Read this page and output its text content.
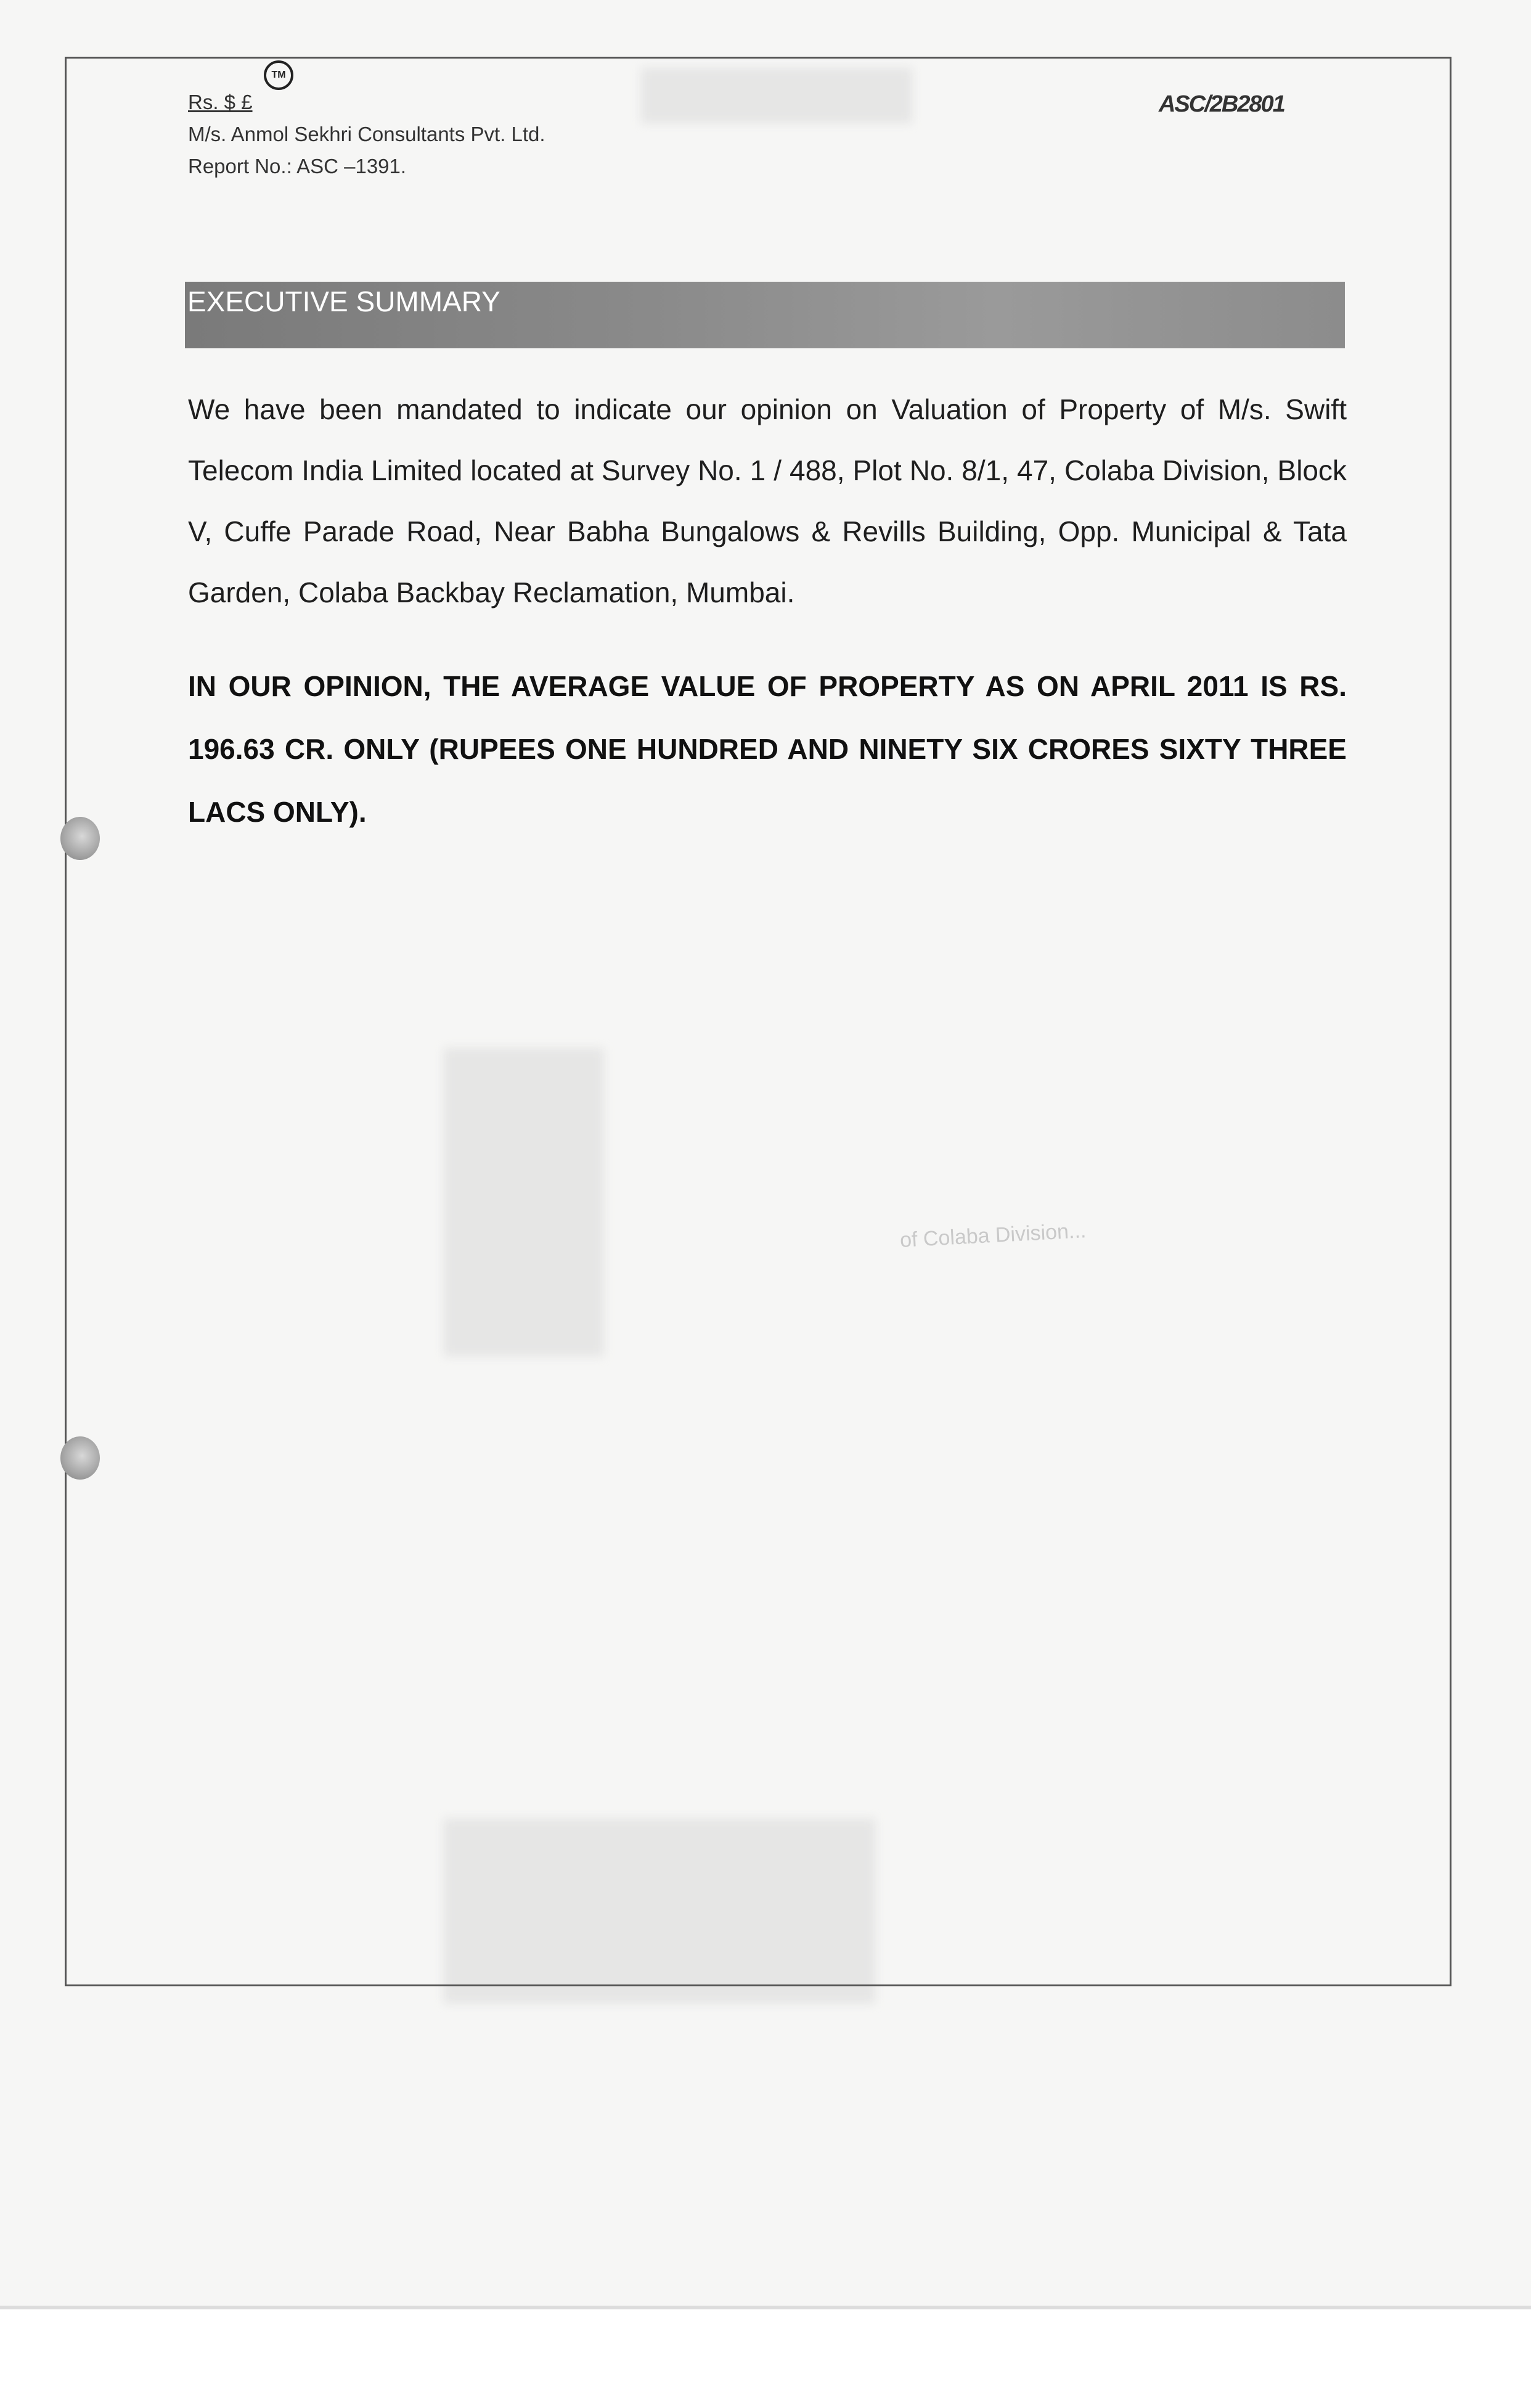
TM
Rs. $ £
M/s. Anmol Sekhri Consultants Pvt. Ltd.
Report No.: ASC –1391.
ASC/2B2801
EXECUTIVE SUMMARY
We have been mandated to indicate our opinion on Valuation of Property of M/s. Swift Telecom India Limited located at Survey No. 1 / 488, Plot No. 8/1, 47, Colaba Division, Block V, Cuffe Parade Road, Near Babha Bungalows & Revills Building, Opp. Municipal & Tata Garden, Colaba Backbay Reclamation, Mumbai.
IN OUR OPINION, THE AVERAGE VALUE OF PROPERTY AS ON APRIL 2011 IS RS. 196.63 CR. ONLY (RUPEES ONE HUNDRED AND NINETY SIX CRORES SIXTY THREE LACS ONLY).
of Colaba Division...
